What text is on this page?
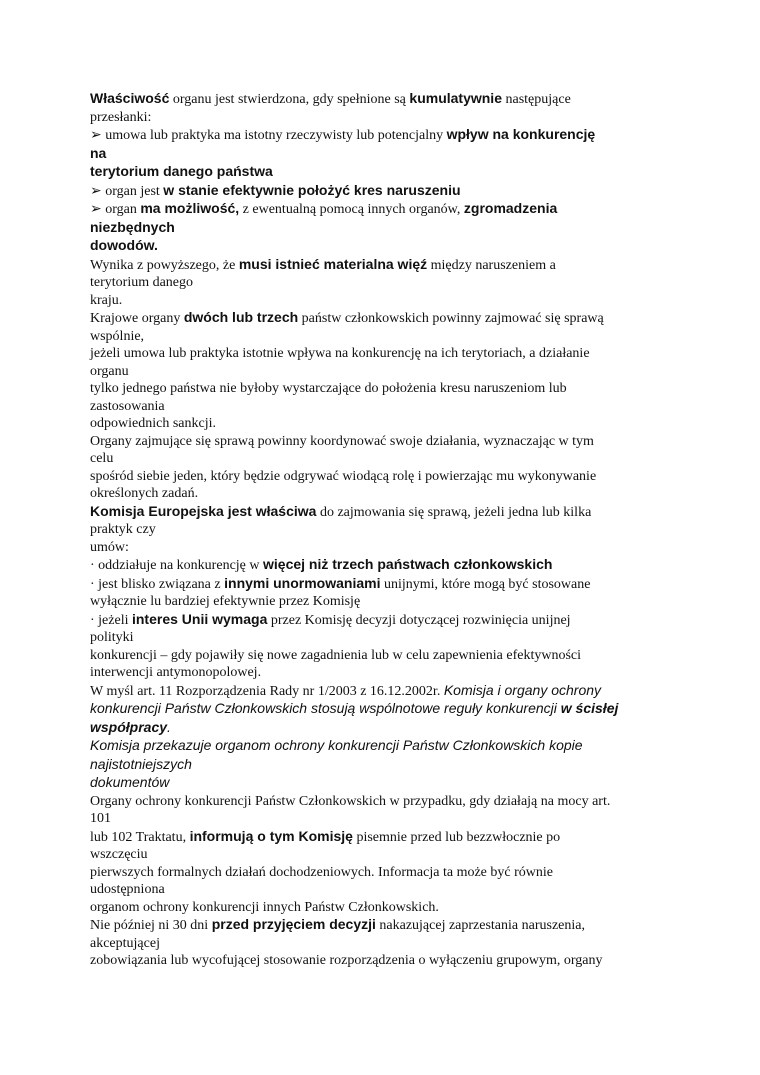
Właściwość organu jest stwierdzona, gdy spełnione są kumulatywnie następujące
przesłanki:
➢ umowa lub praktyka ma istotny rzeczywisty lub potencjalny wpływ na konkurencję
na
terytorium danego państwa
➢ organ jest w stanie efektywnie położyć kres naruszeniu
➢ organ ma możliwość, z ewentualną pomocą innych organów, zgromadzenia
niezbędnych
dowodów.
Wynika z powyższego, że musi istnieć materialna więź między naruszeniem a
terytorium danego
kraju.
Krajowe organy dwóch lub trzech państw członkowskich powinny zajmować się sprawą
wspólnie,
jeżeli umowa lub praktyka istotnie wpływa na konkurencję na ich terytoriach, a działanie
organu
tylko jednego państwa nie byłoby wystarczające do położenia kresu naruszeniom lub
zastosowania
odpowiednich sankcji.
Organy zajmujące się sprawą powinny koordynować swoje działania, wyznaczając w tym
celu
spośród siebie jeden, który będzie odgrywać wiodącą rolę i powierzając mu wykonywanie
określonych zadań.
Komisja Europejska jest właściwa do zajmowania się sprawą, jeżeli jedna lub kilka
praktyk czy
umów:
· oddziałuje na konkurencję w więcej niż trzech państwach członkowskich
· jest blisko związana z innymi unormowaniami unijnymi, które mogą być stosowane
wyłącznie lu bardziej efektywnie przez Komisję
· jeżeli interes Unii wymaga przez Komisję decyzji dotyczącej rozwinięcia unijnej
polityki
konkurencji – gdy pojawiły się nowe zagadnienia lub w celu zapewnienia efektywności
interwencji antymonopolowej.
W myśl art. 11 Rozporządzenia Rady nr 1/2003 z 16.12.2002r. Komisja i organy ochrony
konkurencji Państw Członkowskich stosują wspólnotowe reguły konkurencji w ścisłej
współpracy.
Komisja przekazuje organom ochrony konkurencji Państw Członkowskich kopie
najistotniejszych
dokumentów
Organy ochrony konkurencji Państw Członkowskich w przypadku, gdy działają na mocy art.
101
lub 102 Traktatu, informują o tym Komisję pisemnie przed lub bezzwłocznie po
wszczęciu
pierwszych formalnych działań dochodzeniowych. Informacja ta może być równie
udostępniona
organom ochrony konkurencji innych Państw Członkowskich.
Nie później ni 30 dni przed przyjęciem decyzji nakazującej zaprzestania naruszenia,
akceptującej
zobowiązania lub wycofującej stosowanie rozporządzenia o wyłączeniu grupowym, organy
